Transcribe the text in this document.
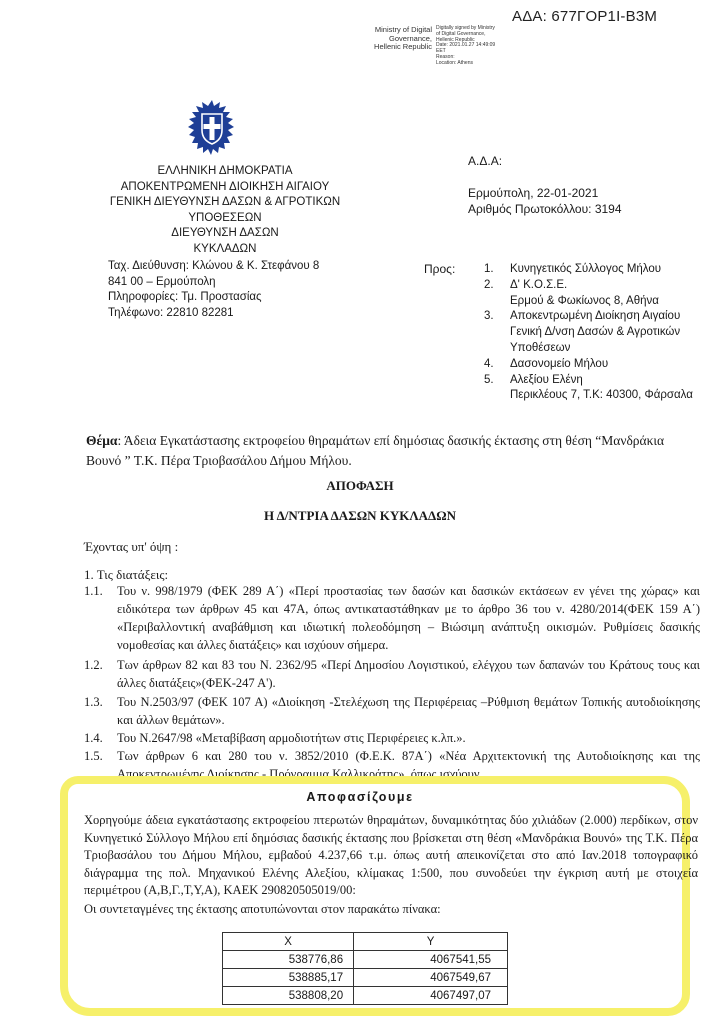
ΑΔΑ: 677ΓΟΡ1Ι-Β3Μ
Ministry of Digital
Governance,
Hellenic Republic
Digitally signed by Ministry
of Digital Governance,
Hellenic Republic
Date: 2021.01.27 14:49:09
EET
Reason:
Location: Athens
ΕΛΛΗΝΙΚΗ ΔΗΜΟΚΡΑΤΙΑ
ΑΠΟΚΕΝΤΡΩΜΕΝΗ ΔΙΟΙΚΗΣΗ ΑΙΓΑΙΟΥ
ΓΕΝΙΚΗ ΔΙΕΥΘΥΝΣΗ ΔΑΣΩΝ & ΑΓΡΟΤΙΚΩΝ
ΥΠΟΘΕΣΕΩΝ
ΔΙΕΥΘΥΝΣΗ ΔΑΣΩΝ
ΚΥΚΛΑΔΩΝ
Ταχ. Διεύθυνση: Κλώνου & Κ. Στεφάνου 8
841 00 – Ερμούπολη
Πληροφορίες: Τμ. Προστασίας
Τηλέφωνο: 22810 82281
Α.Δ.Α:
Ερμούπολη, 22-01-2021
Αριθμός Πρωτοκόλλου: 3194
Προς: 1. Κυνηγετικός Σύλλογος Μήλου
2. Δ' Κ.Ο.Σ.Ε.
Ερμού & Φωκίωνος 8, Αθήνα
3. Αποκεντρωμένη Διοίκηση Αιγαίου
Γενική Δ/νση Δασών & Αγροτικών
Υποθέσεων
4. Δασονομείο Μήλου
5. Αλεξίου Ελένη
Περικλέους 7, Τ.Κ: 40300, Φάρσαλα
Θέμα: Άδεια Εγκατάστασης εκτροφείου θηραμάτων επί δημόσιας δασικής έκτασης στη θέση “Μανδράκια Βουνό ” Τ.Κ. Πέρα Τριοβασάλου Δήμου Μήλου.
ΑΠΟΦΑΣΗ
Η Δ/ΝΤΡΙΑ ΔΑΣΩΝ ΚΥΚΛΑΔΩΝ
Έχοντας υπ' όψη :
1. Τις διατάξεις:
1.1. Του ν. 998/1979 (ΦΕΚ 289 Α΄) «Περί προστασίας των δασών και δασικών εκτάσεων εν γένει της χώρας» και ειδικότερα των άρθρων 45 και 47Α, όπως αντικαταστάθηκαν με το άρθρο 36 του ν. 4280/2014(ΦΕΚ 159 Α΄) «Περιβαλλοντική αναβάθμιση και ιδιωτική πολεοδόμηση – Βιώσιμη ανάπτυξη οικισμών. Ρυθμίσεις δασικής νομοθεσίας και άλλες διατάξεις» και ισχύουν σήμερα.
1.2. Των άρθρων 82 και 83 του Ν. 2362/95 «Περί Δημοσίου Λογιστικού, ελέγχου των δαπανών του Κράτους τους και άλλες διατάξεις»(ΦΕΚ-247 Α').
1.3. Του Ν.2503/97 (ΦΕΚ 107 Α) «Διοίκηση -Στελέχωση της Περιφέρειας –Ρύθμιση θεμάτων Τοπικής αυτοδιοίκησης και άλλων θεμάτων».
1.4. Του Ν.2647/98 «Μεταβίβαση αρμοδιοτήτων στις Περιφέρειες κ.λπ.».
1.5. Των άρθρων 6 και 280 του ν. 3852/2010 (Φ.Ε.Κ. 87Α΄) «Νέα Αρχιτεκτονική της Αυτοδιοίκησης και της Αποκεντρωμένης Διοίκησης - Πρόγραμμα Καλλικράτης», όπως ισχύουν.
Αποφασίζουμε
Χορηγούμε άδεια εγκατάστασης εκτροφείου πτερωτών θηραμάτων, δυναμικότητας δύο χιλιάδων (2.000) περδίκων, στον Κυνηγετικό Σύλλογο Μήλου επί δημόσιας δασικής έκτασης που βρίσκεται στη θέση «Μανδράκια Βουνό» της Τ.Κ. Πέρα Τριοβασάλου του Δήμου Μήλου, εμβαδού 4.237,66 τ.μ. όπως αυτή απεικονίζεται στο από Ιαν.2018 τοπογραφικό διάγραμμα της πολ. Μηχανικού Ελένης Αλεξίου, κλίμακας 1:500, που συνοδεύει την έγκριση αυτή με στοιχεία περιμέτρου (Α,Β,Γ.,Τ,Υ,Α), ΚΑΕΚ 290820505019/00:
Οι συντεταγμένες της έκτασης αποτυπώνονται στον παρακάτω πίνακα:
Χ	Υ
538776,86	4067541,55
538885,17	4067549,67
538808,20	4067497,07
